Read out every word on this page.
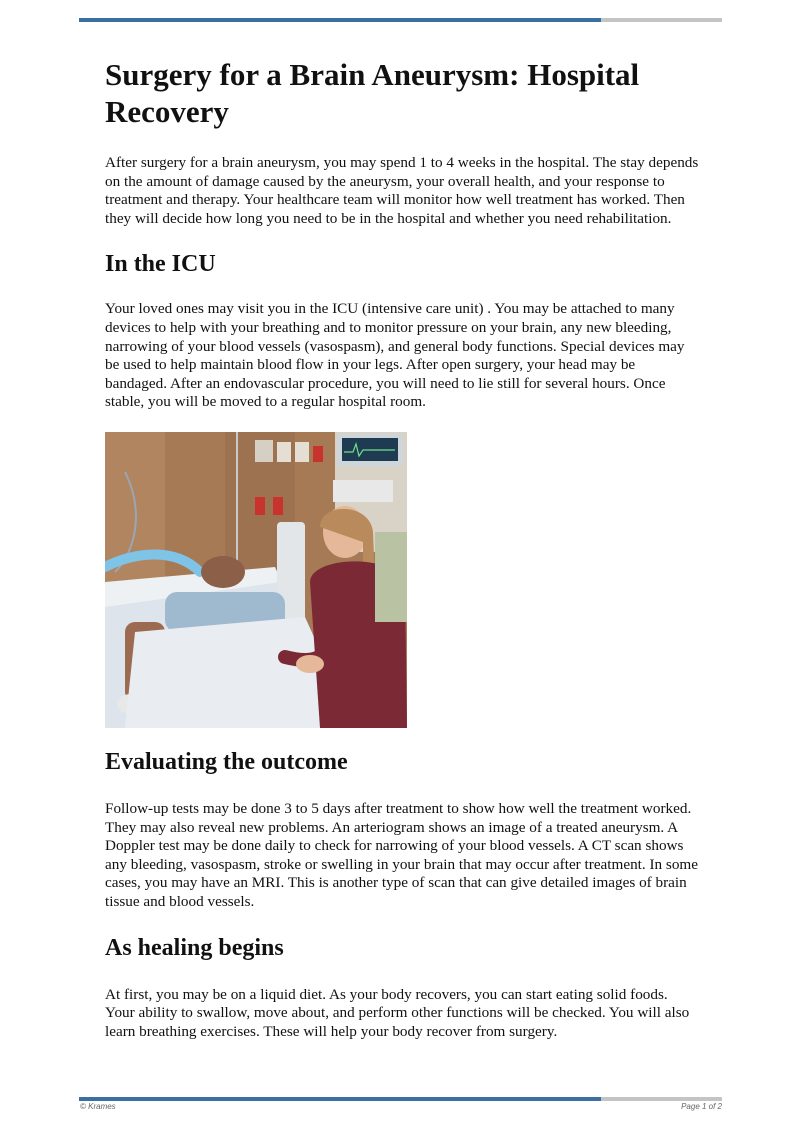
Surgery for a Brain Aneurysm: Hospital Recovery

After surgery for a brain aneurysm, you may spend 1 to 4 weeks in the hospital. The stay depends on the amount of damage caused by the aneurysm, your overall health, and your response to treatment and therapy. Your healthcare team will monitor how well treatment has worked. Then they will decide how long you need to be in the hospital and whether you need rehabilitation.

In the ICU

Your loved ones may visit you in the ICU (intensive care unit) . You may be attached to many devices to help with your breathing and to monitor pressure on your brain, any new bleeding, narrowing of your blood vessels (vasospasm), and general body functions. Special devices may be used to help maintain blood flow in your legs. After open surgery, your head may be bandaged. After an endovascular procedure, you will need to lie still for several hours. Once stable, you will be moved to a regular hospital room.

Evaluating the outcome

Follow-up tests may be done 3 to 5 days after treatment to show how well the treatment worked. They may also reveal new problems. An arteriogram shows an image of a treated aneurysm. A Doppler test may be done daily to check for narrowing of your blood vessels. A CT scan shows any bleeding, vasospasm, stroke or swelling in your brain that may occur after treatment. In some cases, you may have an MRI. This is another type of scan that can give detailed images of brain tissue and blood vessels.

As healing begins

At first, you may be on a liquid diet. As your body recovers, you can start eating solid foods. Your ability to swallow, move about, and perform other functions will be checked. You will also learn breathing exercises. These will help your body recover from surgery.

© Krames	Page 1 of 2
